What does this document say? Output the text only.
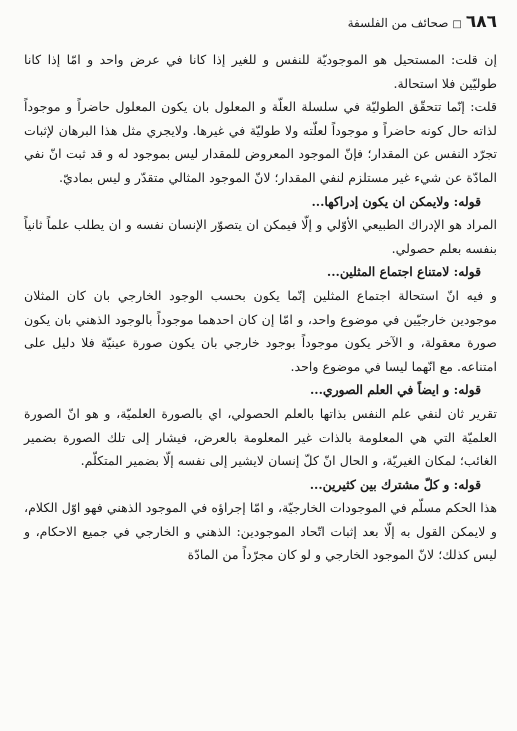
٦٨٦
□
صحائف من الفلسفة

إن قلت: المستحيل هو الموجوديّة للنفس و للغير إذا كانا في عرض واحد و امّا إذا كانا طوليّين فلا استحالة.

قلت: إنّما تتحقّق الطوليّة في سلسلة العلّة و المعلول بان يكون المعلول حاضراً و موجوداً لذاته حال كونه حاضراً و موجوداً لعلّته ولا طوليّة في غيرها. ولايجري مثل هذا البرهان لإثبات تجرّد النفس عن المقدار؛ فإنّ الموجود المعروض للمقدار ليس بموجود له و قد ثبت انّ نفي المادّة عن شيء غير مستلزم لنفي المقدار؛ لانّ الموجود المثالي متقدّر و ليس بماديّ.

قوله: ولايمكن ان يكون إدراكها...

المراد هو الإدراك الطبيعي الأوّلي و إلّا فيمكن ان يتصوّر الإنسان نفسه و ان يطلب علماً ثانياً بنفسه بعلم حصولي.

قوله: لامتناع اجتماع المثلين...

و فيه انّ استحالة اجتماع المثلين إنّما يكون بحسب الوجود الخارجي بان كان المثلان موجودين خارجيّين في موضوع واحد، و امّا إن كان احدهما موجوداً بالوجود الذهني بان يكون صورة معقولة، و الآخر يكون موجوداً بوجود خارجي بان يكون صورة عينيّة فلا دليل على امتناعه. مع انّهما ليسا في موضوع واحد.

قوله: و ايضاً في العلم الصوري...

تقرير ثان لنفي علم النفس بذاتها بالعلم الحصولي، اي بالصورة العلميّة، و هو انّ الصورة العلميّة التي هي المعلومة بالذات غير المعلومة بالعرض، فيشار إلى تلك الصورة بضمير الغائب؛ لمكان الغيريّة، و الحال انّ كلّ إنسان لايشير إلى نفسه إلّا بضمير المتكلّم.

قوله: و كلّ مشترك بين كثيرين...

هذا الحكم مسلّم في الموجودات الخارجيّة، و امّا إجراؤه في الموجود الذهني فهو اوّل الكلام، و لايمكن القول به إلّا بعد إثبات اتّحاد الموجودين: الذهني و الخارجي في جميع الاحكام، و ليس كذلك؛ لانّ الموجود الخارجي و لو كان مجرّداً من المادّة
